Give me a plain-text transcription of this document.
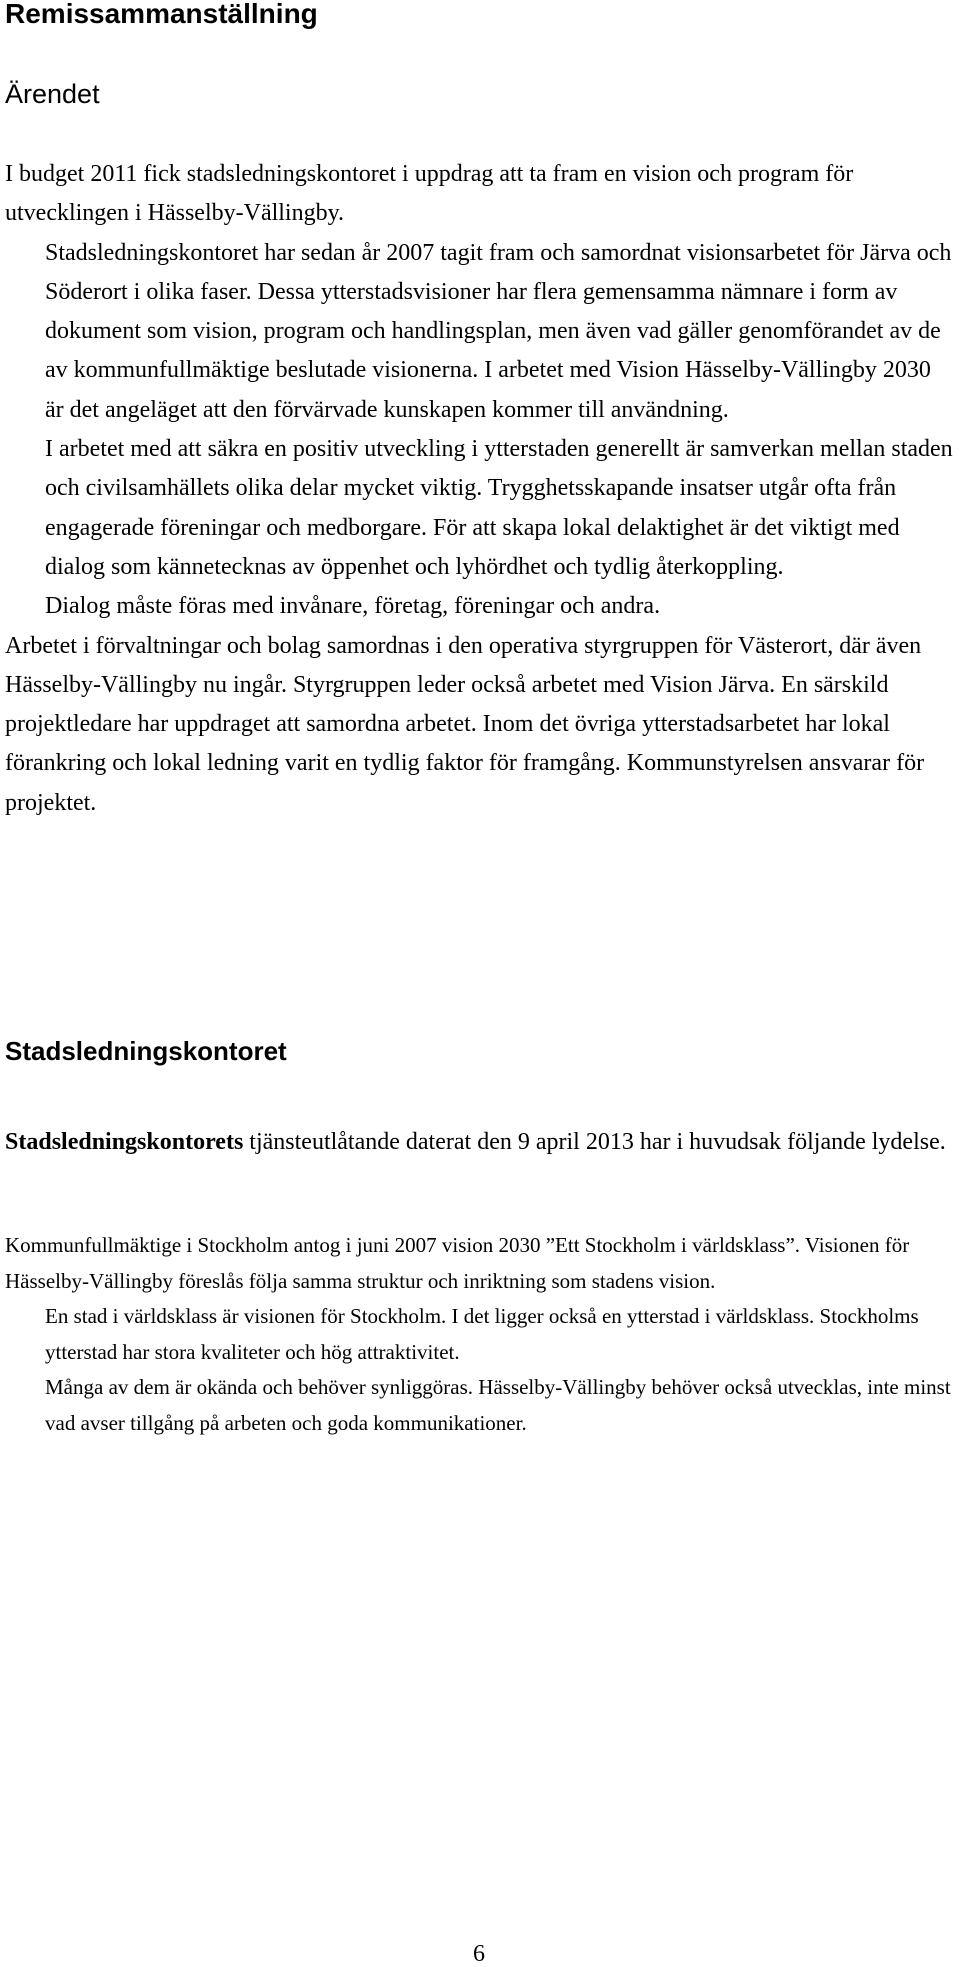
Remissammanställning
Ärendet

I budget 2011 fick stadsledningskontoret i uppdrag att ta fram en vision och program för utvecklingen i Hässelby-Vällingby.

Stadsledningskontoret har sedan år 2007 tagit fram och samordnat visionsarbetet för Järva och Söderort i olika faser. Dessa ytterstadsvisioner har flera gemensamma nämnare i form av dokument som vision, program och handlingsplan, men även vad gäller genomförandet av de av kommunfullmäktige beslutade visionerna. I arbetet med Vision Hässelby-Vällingby 2030 är det angeläget att den förvärvade kunskapen kommer till användning.

I arbetet med att säkra en positiv utveckling i ytterstaden generellt är samverkan mellan staden och civilsamhällets olika delar mycket viktig. Trygghetsskapande insatser utgår ofta från engagerade föreningar och medborgare. För att skapa lokal delaktighet är det viktigt med dialog som kännetecknas av öppenhet och lyhördhet och tydlig återkoppling.

Dialog måste föras med invånare, företag, föreningar och andra.

Arbetet i förvaltningar och bolag samordnas i den operativa styrgruppen för Västerort, där även Hässelby-Vällingby nu ingår. Styrgruppen leder också arbetet med Vision Järva. En särskild projektledare har uppdraget att samordna arbetet. Inom det övriga ytterstadsarbetet har lokal förankring och lokal ledning varit en tydlig faktor för framgång. Kommunstyrelsen ansvarar för projektet.

Stadsledningskontoret

Stadsledningskontorets tjänsteutlåtande daterat den 9 april 2013 har i huvudsak följande lydelse.

Kommunfullmäktige i Stockholm antog i juni 2007 vision 2030 ”Ett Stockholm i världsklass”. Visionen för Hässelby-Vällingby föreslås följa samma struktur och inriktning som stadens vision.

En stad i världsklass är visionen för Stockholm. I det ligger också en ytterstad i världsklass. Stockholms ytterstad har stora kvaliteter och hög attraktivitet.

Många av dem är okända och behöver synliggöras. Hässelby-Vällingby behöver också utvecklas, inte minst vad avser tillgång på arbeten och goda kommunikationer.

6
